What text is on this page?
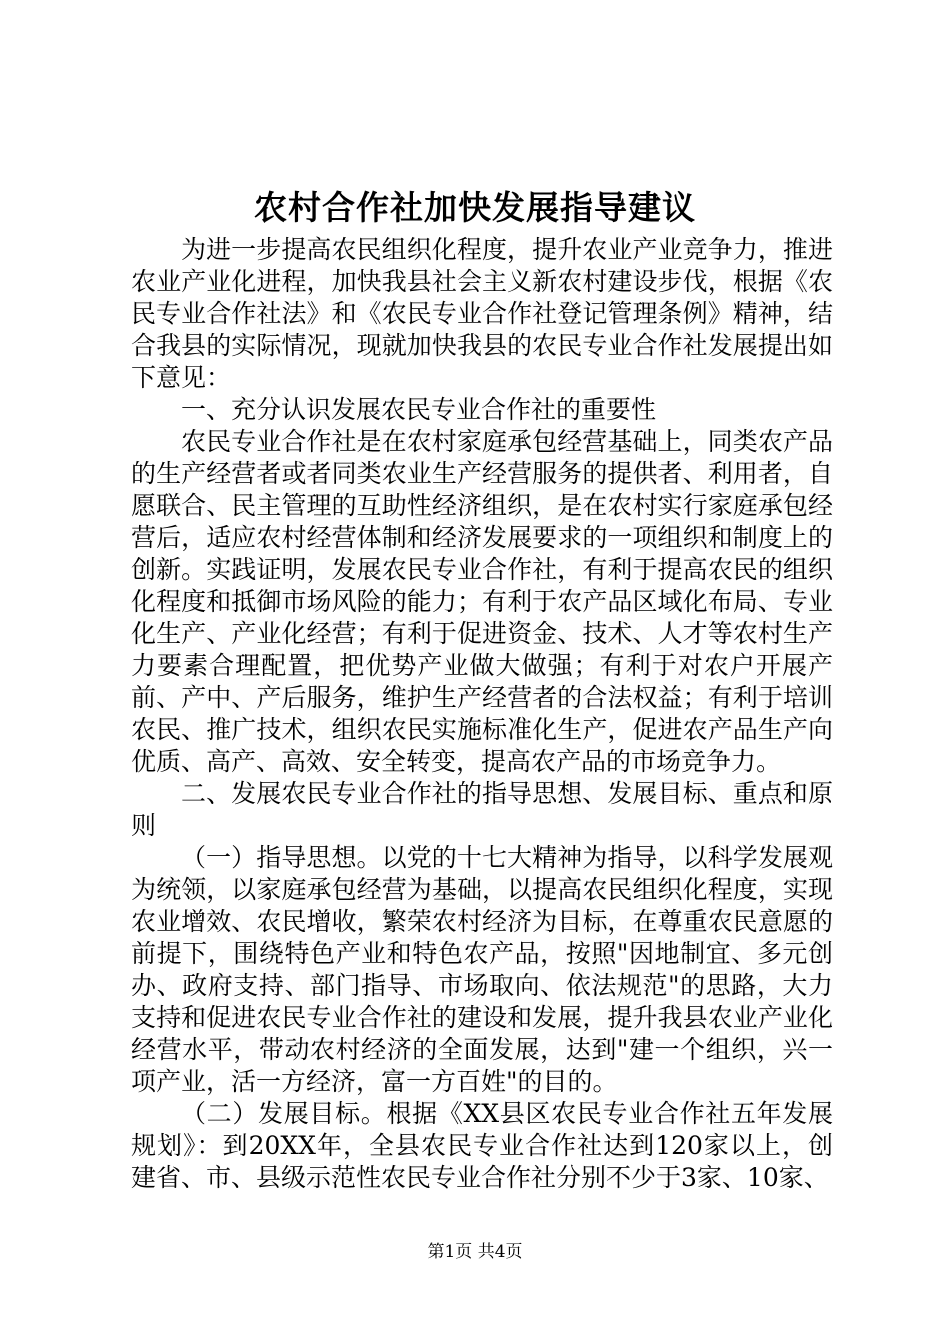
农村合作社加快发展指导建议

为进一步提高农民组织化程度，提升农业产业竞争力，推进农业产业化进程，加快我县社会主义新农村建设步伐，根据《农民专业合作社法》和《农民专业合作社登记管理条例》精神，结合我县的实际情况，现就加快我县的农民专业合作社发展提出如下意见：

一、充分认识发展农民专业合作社的重要性

农民专业合作社是在农村家庭承包经营基础上，同类农产品的生产经营者或者同类农业生产经营服务的提供者、利用者，自愿联合、民主管理的互助性经济组织，是在农村实行家庭承包经营后，适应农村经营体制和经济发展要求的一项组织和制度上的创新。实践证明，发展农民专业合作社，有利于提高农民的组织化程度和抵御市场风险的能力；有利于农产品区域化布局、专业化生产、产业化经营；有利于促进资金、技术、人才等农村生产力要素合理配置，把优势产业做大做强；有利于对农户开展产前、产中、产后服务，维护生产经营者的合法权益；有利于培训农民、推广技术，组织农民实施标准化生产，促进农产品生产向优质、高产、高效、安全转变，提高农产品的市场竞争力。

二、发展农民专业合作社的指导思想、发展目标、重点和原则

（一）指导思想。以党的十七大精神为指导，以科学发展观为统领，以家庭承包经营为基础，以提高农民组织化程度，实现农业增效、农民增收，繁荣农村经济为目标，在尊重农民意愿的前提下，围绕特色产业和特色农产品，按照"因地制宜、多元创办、政府支持、部门指导、市场取向、依法规范"的思路，大力支持和促进农民专业合作社的建设和发展，提升我县农业产业化经营水平，带动农村经济的全面发展，达到"建一个组织，兴一项产业，活一方经济，富一方百姓"的目的。

（二）发展目标。根据《XX县区农民专业合作社五年发展规划》：到20XX年，全县农民专业合作社达到120家以上，创建省、市、县级示范性农民专业合作社分别不少于3家、10家、

第1页 共4页
